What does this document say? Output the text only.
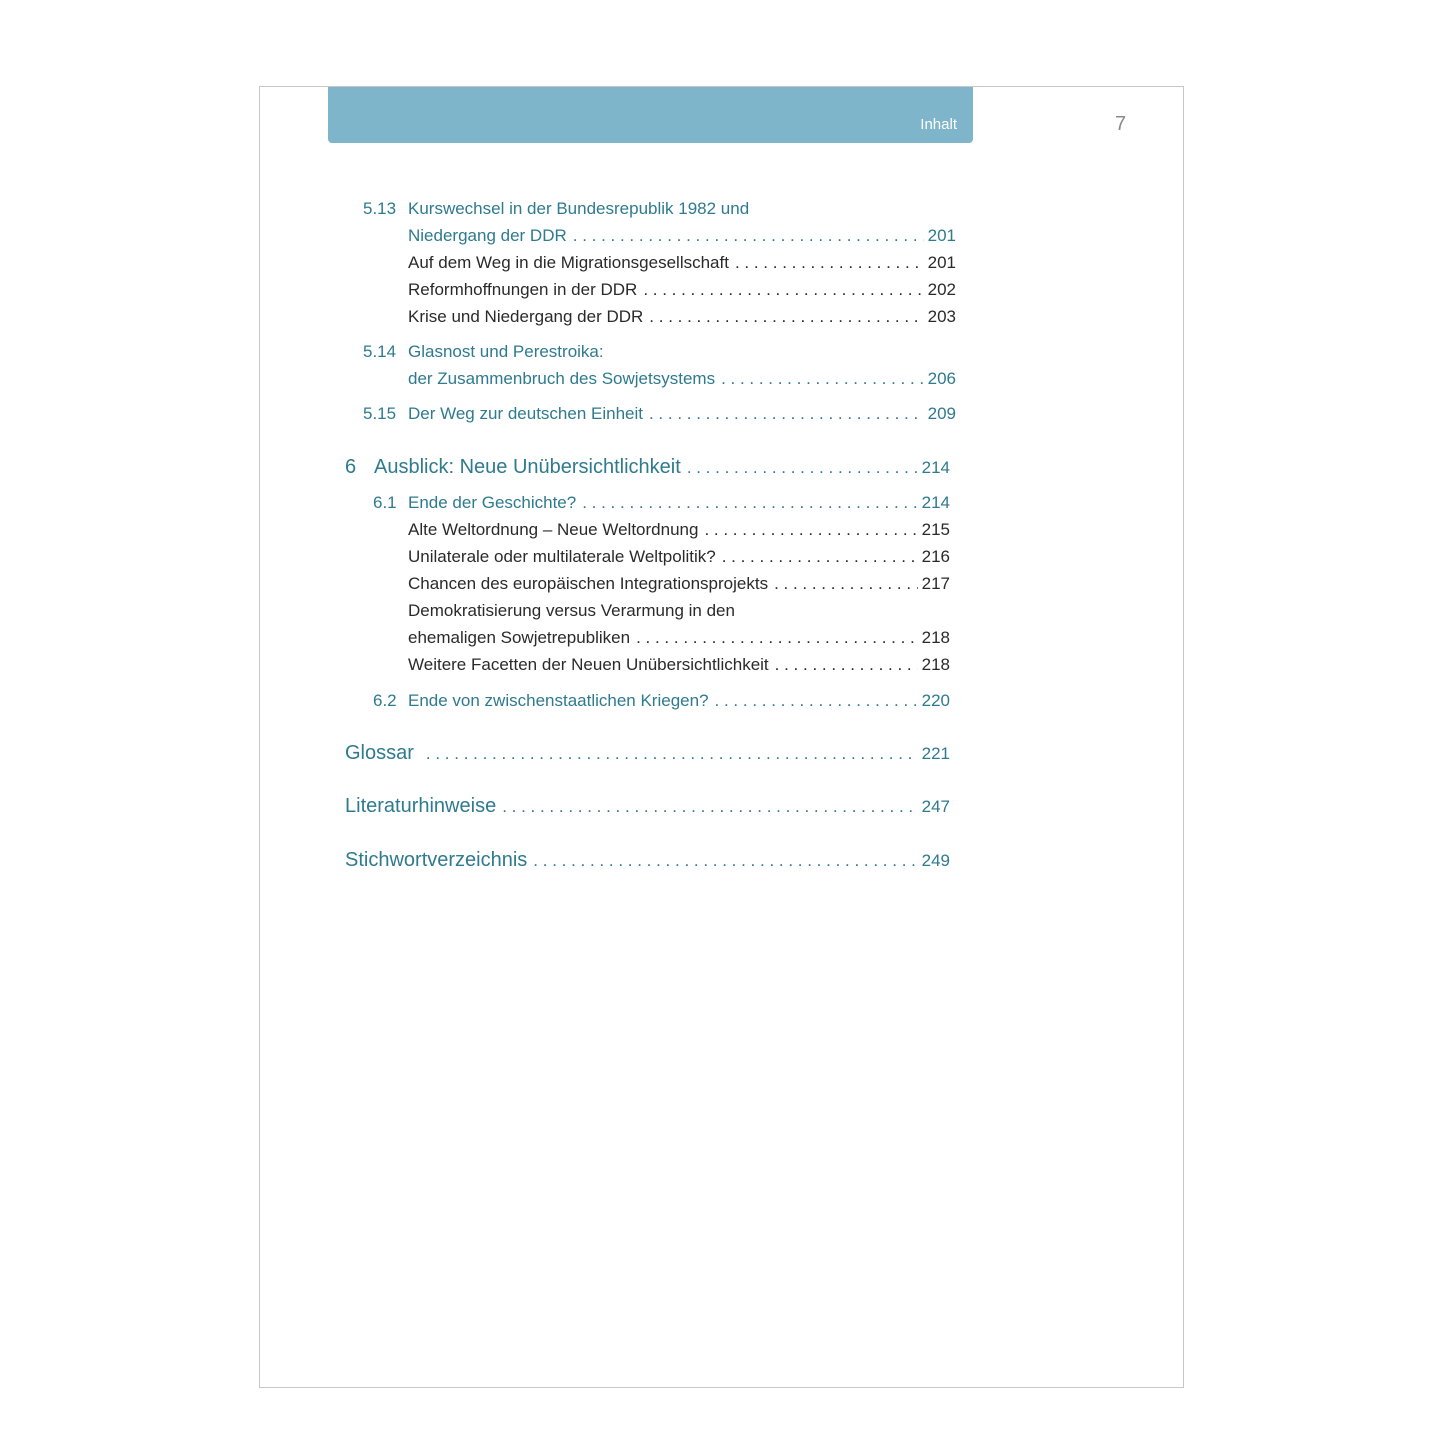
Inhalt	7
5.13 Kurswechsel in der Bundesrepublik 1982 und
Niedergang der DDR . . .	201
Auf dem Weg in die Migrationsgesellschaft . . .	201
Reformhoffnungen in der DDR . . .	202
Krise und Niedergang der DDR . . .	203
5.14 Glasnost und Perestroika:
der Zusammenbruch des Sowjetsystems . . .	206
5.15 Der Weg zur deutschen Einheit . . .	209
6 Ausblick: Neue Unübersichtlichkeit . . .	214
6.1 Ende der Geschichte? . . .	214
Alte Weltordnung – Neue Weltordnung . . .	215
Unilaterale oder multilaterale Weltpolitik? . . .	216
Chancen des europäischen Integrationsprojekts . . .	217
Demokratisierung versus Verarmung in den
ehemaligen Sowjetrepubliken . . .	218
Weitere Facetten der Neuen Unübersichtlichkeit . . .	218
6.2 Ende von zwischenstaatlichen Kriegen? . . .	220
Glossar . . .	221
Literaturhinweise . . .	247
Stichwortverzeichnis . . .	249
